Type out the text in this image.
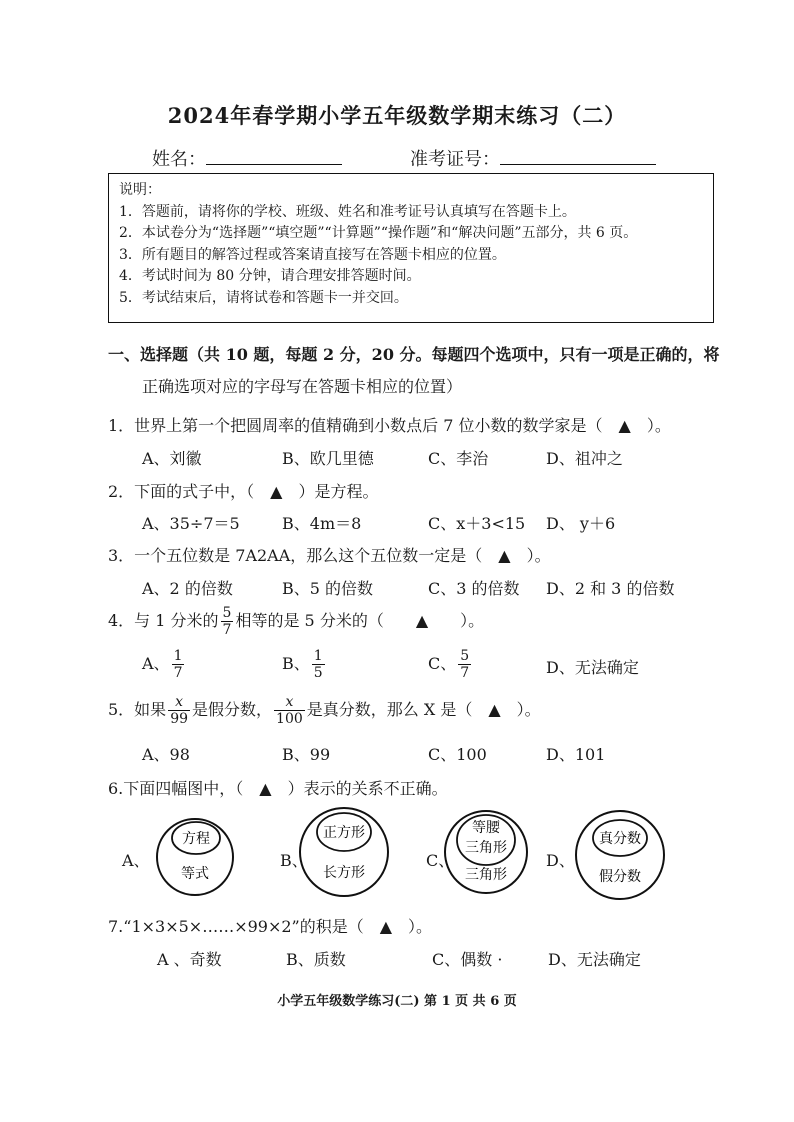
2024年春学期小学五年级数学期末练习（二）
姓名：	准考证号：
说明：
1．答题前，请将你的学校、班级、姓名和准考证号认真填写在答题卡上。
2．本试卷分为“选择题”“填空题”“计算题”“操作题”和“解决问题”五部分，共 6 页。
3．所有题目的解答过程或答案请直接写在答题卡相应的位置。
4．考试时间为 80 分钟，请合理安排答题时间。
5．考试结束后，请将试卷和答题卡一并交回。
一、选择题（共 10 题，每题 2 分，20 分。每题四个选项中，只有一项是正确的，将
正确选项对应的字母写在答题卡相应的位置）
1．世界上第一个把圆周率的值精确到小数点后 7 位小数的数学家是（　▲　）。
A、刘徽	B、欧几里德	C、李治	D、祖冲之
2．下面的式子中，（　▲　）是方程。
A、35÷7＝5	B、4m＝8	C、x＋3<15 D、 y＋6
3．一个五位数是 7A2AA，那么这个五位数一定是（　▲　）。
A、2 的倍数	B、5 的倍数	C、3 的倍数 D、2 和 3 的倍数
4．与 1 分米的 $\frac{5}{7}$ 相等的是 5 分米的（　　▲　　）。
A、 $\frac{1}{7}$	B、 $\frac{1}{5}$	C、 $\frac{5}{7}$	D、无法确定
5．如果 $\frac{x}{99}$ 是假分数， $\frac{x}{100}$ 是真分数，那么 X 是（　▲　）。
A、98	B、99	C、100	D、101
6.下面四幅图中，（　▲　）表示的关系不正确。
A、	B、	C、	D、
方程
等式
正方形
长方形
等腰
三角形
三角形
真分数
假分数
7.“1×3×5×……×99×2”的积是（　▲　）。
A 、奇数	B、质数	C、偶数 ·	D、无法确定
小学五年级数学练习(二) 第 1 页 共 6 页
